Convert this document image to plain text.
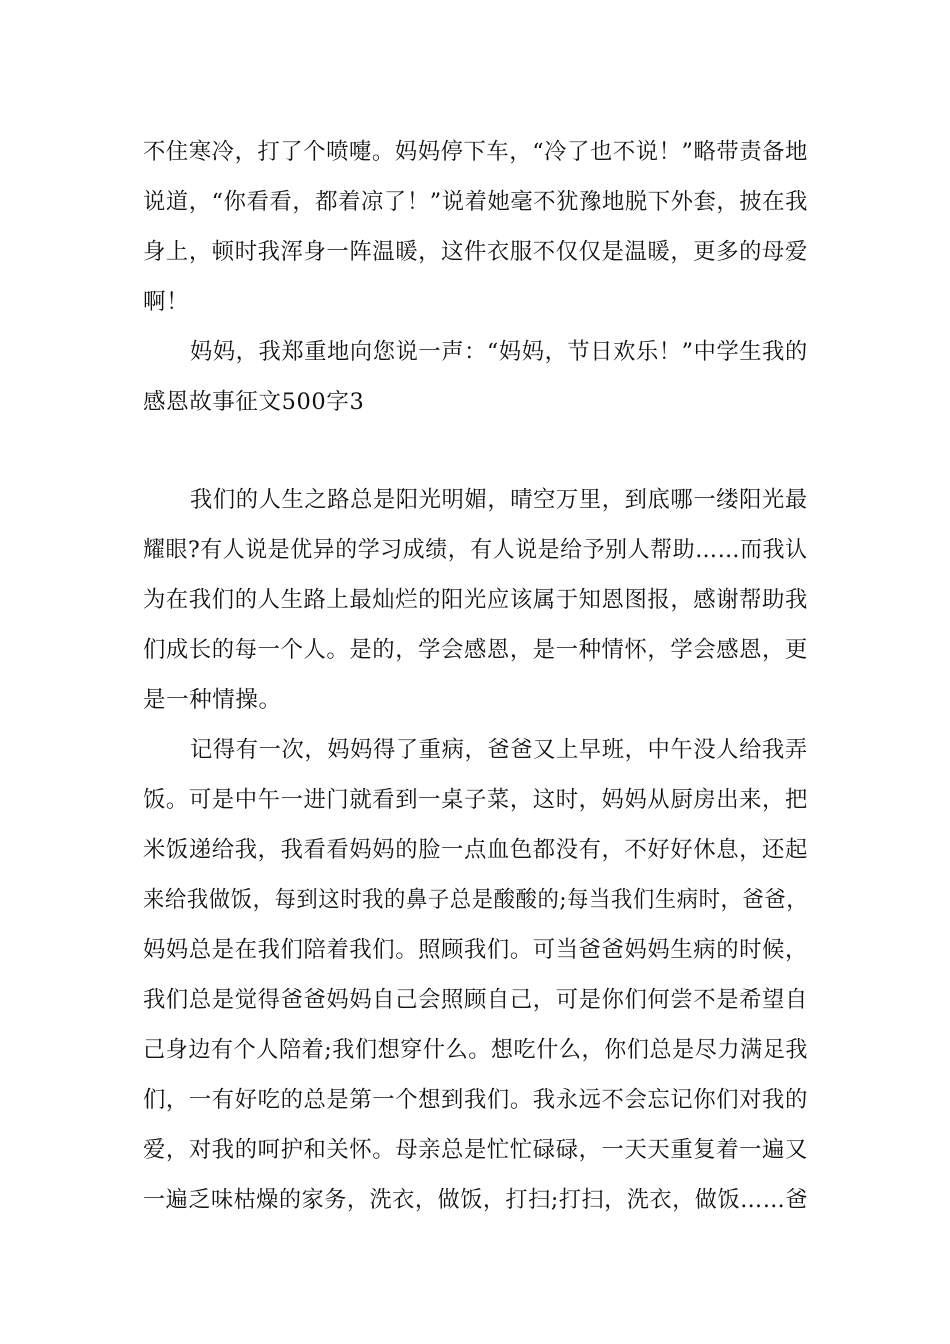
不住寒冷，打了个喷嚏。妈妈停下车，“冷了也不说！”略带责备地
说道，“你看看，都着凉了！”说着她毫不犹豫地脱下外套，披在我
身上，顿时我浑身一阵温暖，这件衣服不仅仅是温暖，更多的母爱
啊！
妈妈，我郑重地向您说一声：“妈妈，节日欢乐！”中学生我的
感恩故事征文500字3
我们的人生之路总是阳光明媚，晴空万里，到底哪一缕阳光最
耀眼?有人说是优异的学习成绩，有人说是给予别人帮助……而我认
为在我们的人生路上最灿烂的阳光应该属于知恩图报，感谢帮助我
们成长的每一个人。是的，学会感恩，是一种情怀，学会感恩，更
是一种情操。
记得有一次，妈妈得了重病，爸爸又上早班，中午没人给我弄
饭。可是中午一进门就看到一桌子菜，这时，妈妈从厨房出来，把
米饭递给我，我看看妈妈的脸一点血色都没有，不好好休息，还起
来给我做饭，每到这时我的鼻子总是酸酸的;每当我们生病时，爸爸，
妈妈总是在我们陪着我们。照顾我们。可当爸爸妈妈生病的时候，
我们总是觉得爸爸妈妈自己会照顾自己，可是你们何尝不是希望自
己身边有个人陪着;我们想穿什么。想吃什么，你们总是尽力满足我
们，一有好吃的总是第一个想到我们。我永远不会忘记你们对我的
爱，对我的呵护和关怀。母亲总是忙忙碌碌，一天天重复着一遍又
一遍乏味枯燥的家务，洗衣，做饭，打扫;打扫，洗衣，做饭……爸
